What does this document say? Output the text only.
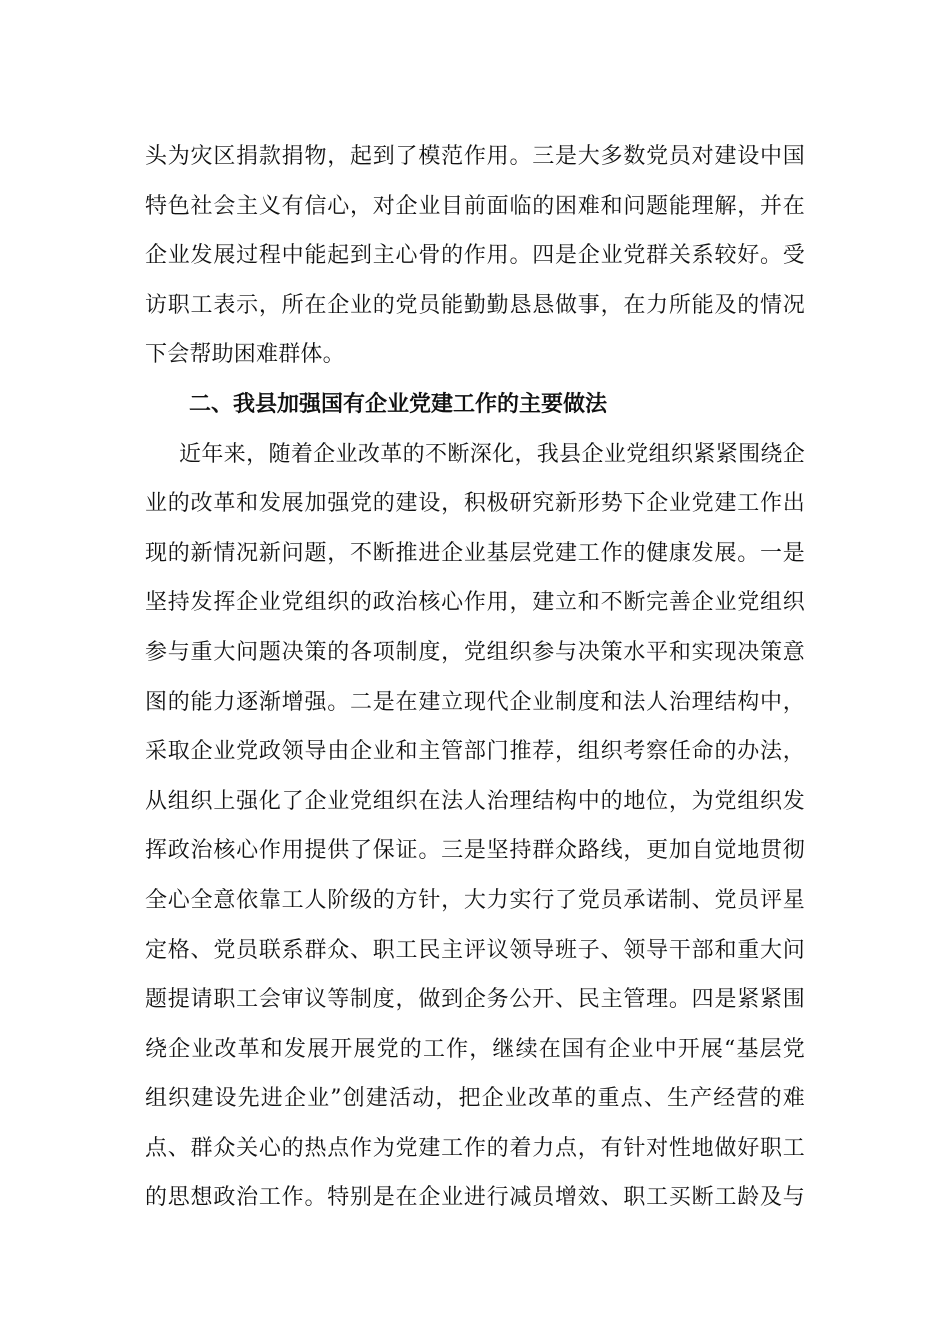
头为灾区捐款捐物，起到了模范作用。三是大多数党员对建设中国
特色社会主义有信心，对企业目前面临的困难和问题能理解，并在
企业发展过程中能起到主心骨的作用。四是企业党群关系较好。受
访职工表示，所在企业的党员能勤勤恳恳做事，在力所能及的情况
下会帮助困难群体。
二、我县加强国有企业党建工作的主要做法
近年来，随着企业改革的不断深化，我县企业党组织紧紧围绕企
业的改革和发展加强党的建设，积极研究新形势下企业党建工作出
现的新情况新问题，不断推进企业基层党建工作的健康发展。一是
坚持发挥企业党组织的政治核心作用，建立和不断完善企业党组织
参与重大问题决策的各项制度，党组织参与决策水平和实现决策意
图的能力逐渐增强。二是在建立现代企业制度和法人治理结构中，
采取企业党政领导由企业和主管部门推荐，组织考察任命的办法，
从组织上强化了企业党组织在法人治理结构中的地位，为党组织发
挥政治核心作用提供了保证。三是坚持群众路线，更加自觉地贯彻
全心全意依靠工人阶级的方针，大力实行了党员承诺制、党员评星
定格、党员联系群众、职工民主评议领导班子、领导干部和重大问
题提请职工会审议等制度，做到企务公开、民主管理。四是紧紧围
绕企业改革和发展开展党的工作，继续在国有企业中开展“基层党
组织建设先进企业”创建活动，把企业改革的重点、生产经营的难
点、群众关心的热点作为党建工作的着力点，有针对性地做好职工
的思想政治工作。特别是在企业进行减员增效、职工买断工龄及与
